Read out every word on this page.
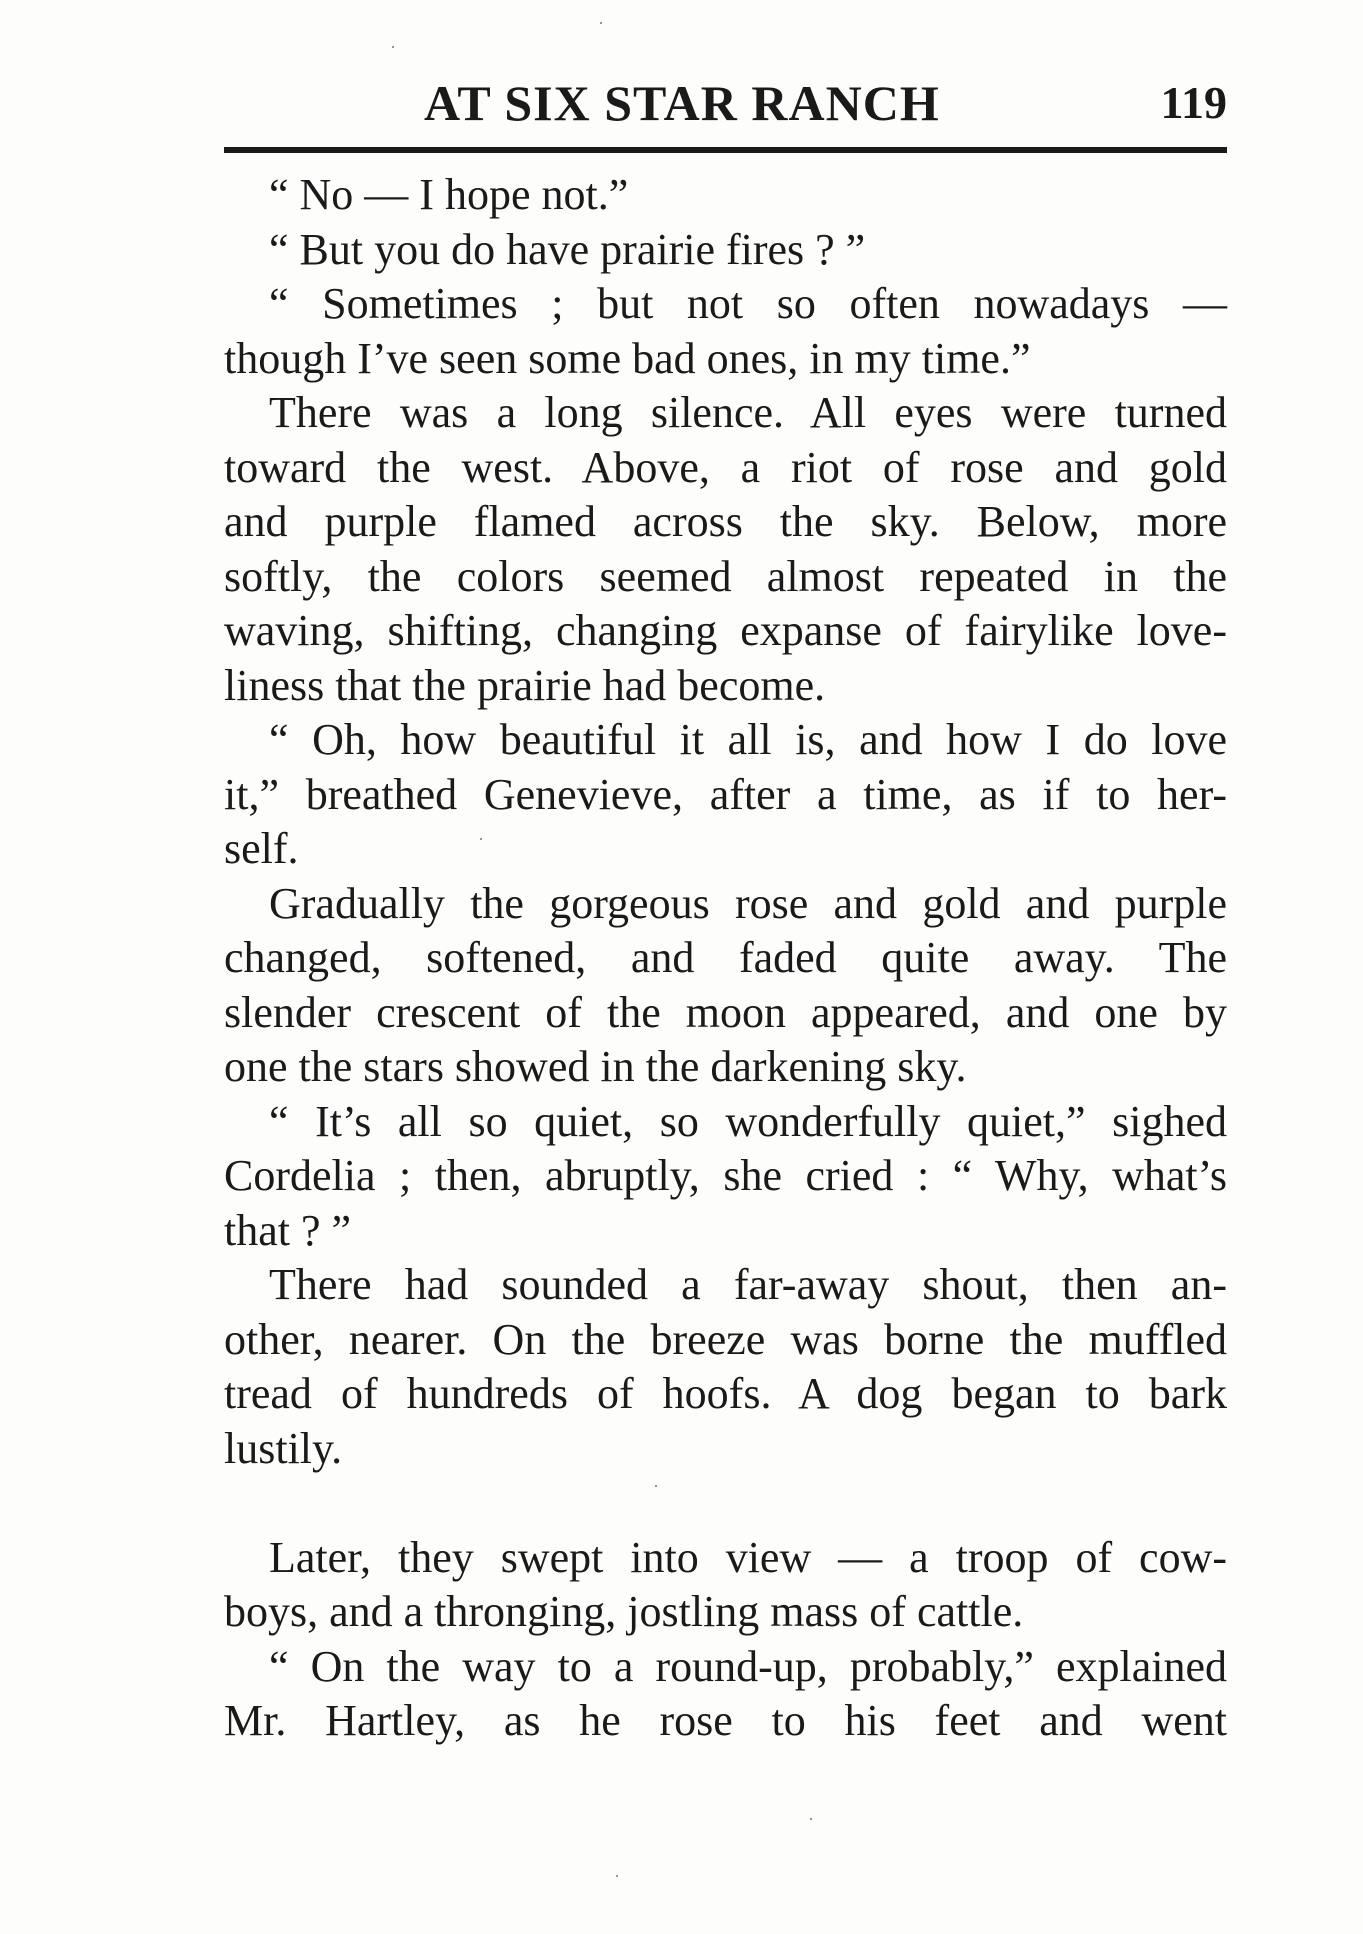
AT SIX STAR RANCH	119
“ No — I hope not.”
“ But you do have prairie fires ? ”
“ Sometimes ; but not so often nowadays —
though I’ve seen some bad ones, in my time.”
There was a long silence. All eyes were turned
toward the west. Above, a riot of rose and gold
and purple flamed across the sky. Below, more
softly, the colors seemed almost repeated in the
waving, shifting, changing expanse of fairylike love-
liness that the prairie had become.
“ Oh, how beautiful it all is, and how I do love
it,” breathed Genevieve, after a time, as if to her-
self.
Gradually the gorgeous rose and gold and purple
changed, softened, and faded quite away. The
slender crescent of the moon appeared, and one by
one the stars showed in the darkening sky.
“ It’s all so quiet, so wonderfully quiet,” sighed
Cordelia ; then, abruptly, she cried : “ Why, what’s
that ? ”
There had sounded a far-away shout, then an-
other, nearer. On the breeze was borne the muffled
tread of hundreds of hoofs. A dog began to bark
lustily.
Later, they swept into view — a troop of cow-
boys, and a thronging, jostling mass of cattle.
“ On the way to a round-up, probably,” explained
Mr. Hartley, as he rose to his feet and went
